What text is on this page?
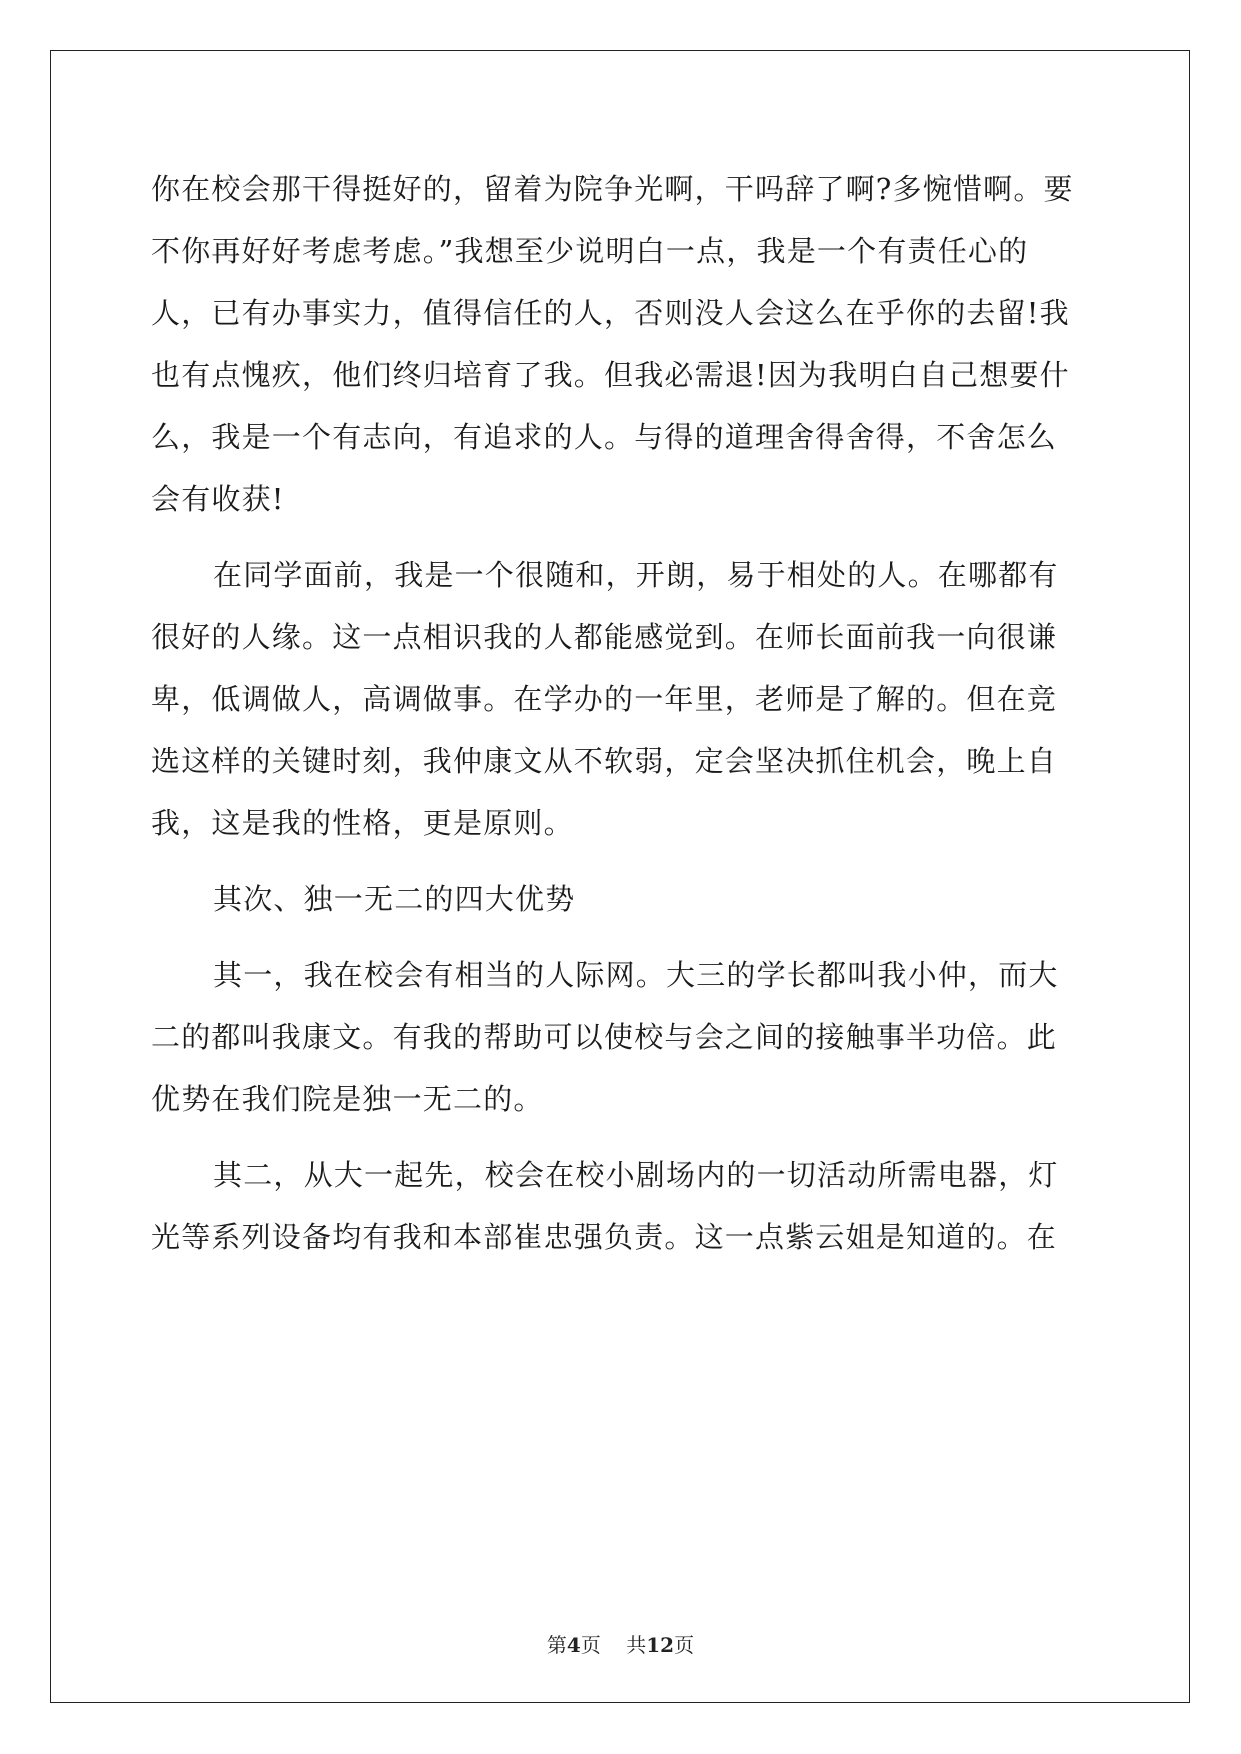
你在校会那干得挺好的，留着为院争光啊，干吗辞了啊?多惋惜啊。要
不你再好好考虑考虑。”我想至少说明白一点，我是一个有责任心的
人，已有办事实力，值得信任的人，否则没人会这么在乎你的去留!我
也有点愧疚，他们终归培育了我。但我必需退!因为我明白自己想要什
么，我是一个有志向，有追求的人。与得的道理舍得舍得，不舍怎么
会有收获!
在同学面前，我是一个很随和，开朗，易于相处的人。在哪都有
很好的人缘。这一点相识我的人都能感觉到。在师长面前我一向很谦
卑，低调做人，高调做事。在学办的一年里，老师是了解的。但在竞
选这样的关键时刻，我仲康文从不软弱，定会坚决抓住机会，晚上自
我，这是我的性格，更是原则。
其次、独一无二的四大优势
其一，我在校会有相当的人际网。大三的学长都叫我小仲，而大
二的都叫我康文。有我的帮助可以使校与会之间的接触事半功倍。此
优势在我们院是独一无二的。
其二，从大一起先，校会在校小剧场内的一切活动所需电器，灯
光等系列设备均有我和本部崔忠强负责。这一点紫云姐是知道的。在
第4页 共12页
